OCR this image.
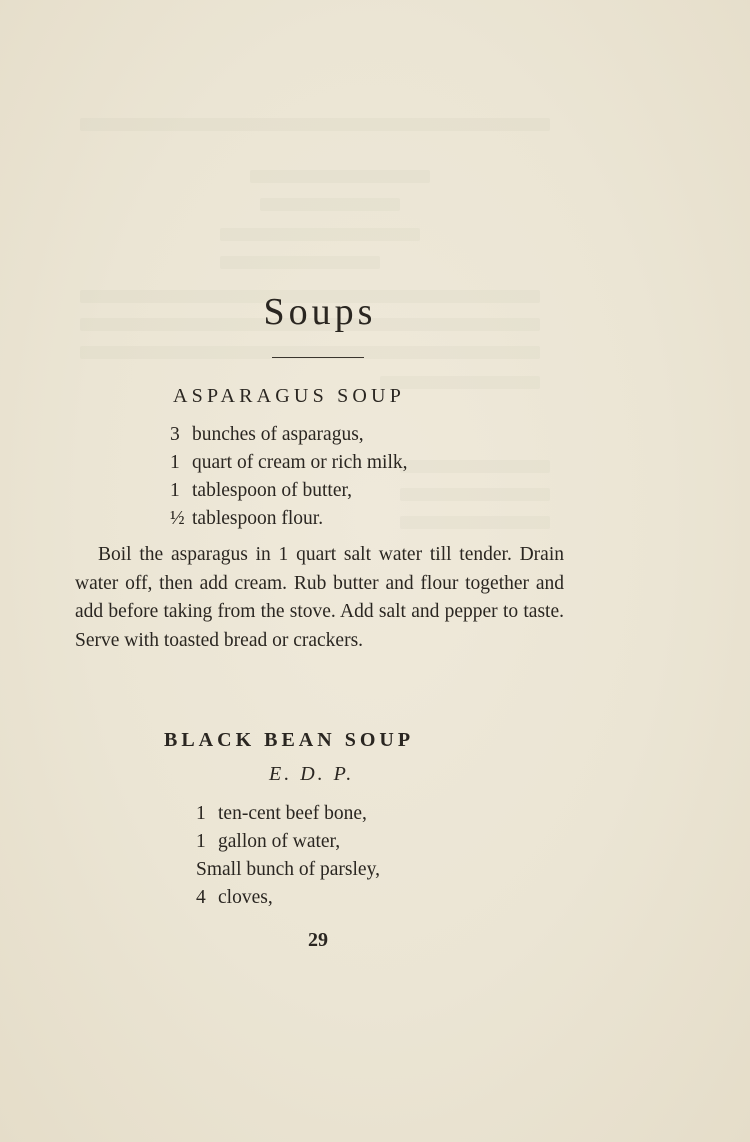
Soups
ASPARAGUS SOUP
3 bunches of asparagus,
1 quart of cream or rich milk,
1 tablespoon of butter,
½ tablespoon flour.

Boil the asparagus in 1 quart salt water till tender. Drain water off, then add cream. Rub butter and flour together and add before taking from the stove. Add salt and pepper to taste. Serve with toasted bread or crackers.

BLACK BEAN SOUP
E. D. P.
1 ten-cent beef bone,
1 gallon of water,
Small bunch of parsley,
4 cloves,
29
